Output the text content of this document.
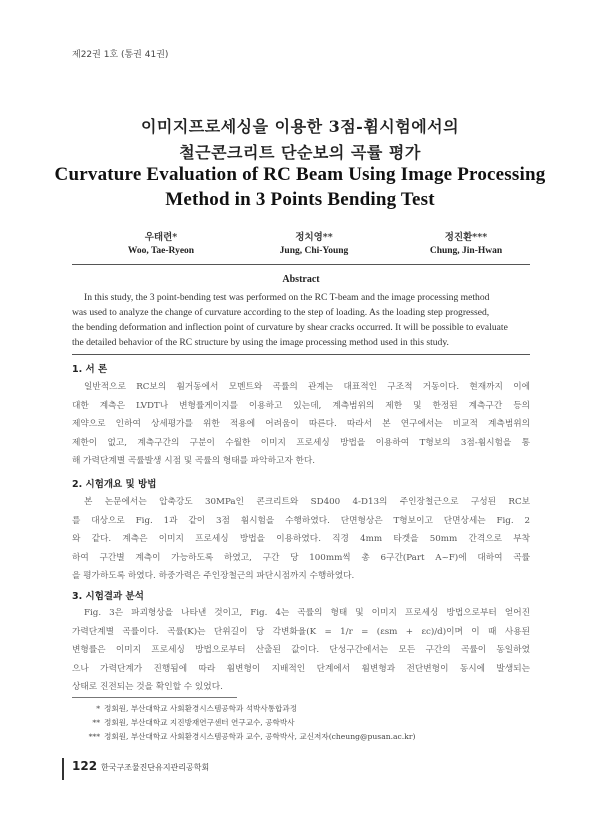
제22권 1호 (통권 41권)
이미지프로세싱을 이용한 3점-휨시험에서의
철근콘크리트 단순보의 곡률 평가
Curvature Evaluation of RC Beam Using Image Processing
Method in 3 Points Bending Test
우태련*
Woo, Tae-Ryeon
정치영**
Jung, Chi-Young
정진환***
Chung, Jin-Hwan
Abstract
In this study, the 3 point-bending test was performed on the RC T-beam and the image processing method
was used to analyze the change of curvature according to the step of loading. As the loading step progressed,
the bending deformation and inflection point of curvature by shear cracks occurred. It will be possible to evaluate
the detailed behavior of the RC structure by using the image processing method used in this study.
1. 서 론
일반적으로 RC보의 휨거동에서 모멘트와 곡률의 관계는 대표적인 구조적 거동이다. 현재까지 이에
대한 계측은 LVDT나 변형률게이지를 이용하고 있는데, 계측범위의 제한 및 한정된 계측구간 등의
제약으로 인하여 상세평가를 위한 적용에 어려움이 따른다. 따라서 본 연구에서는 비교적 계측범위의
제한이 없고, 계측구간의 구분이 수월한 이미지 프로세싱 방법을 이용하여 T형보의 3점-휨시험을 통
해 가력단계별 곡률발생 시점 및 곡률의 형태를 파악하고자 한다.
2. 시험개요 및 방법
본 논문에서는 압축강도 30MPa인 콘크리트와 SD400 4-D13의 주인장철근으로 구성된 RC보
를 대상으로 Fig. 1과 같이 3점 휨시험을 수행하였다. 단면형상은 T형보이고 단면상세는 Fig. 2
와 같다. 계측은 이미지 프로세싱 방법을 이용하였다. 직경 4mm 타겟을 50mm 간격으로 부착
하여 구간별 계측이 가능하도록 하였고, 구간 당 100mm씩 총 6구간(Part A~F)에 대하여 곡률
을 평가하도록 하였다. 하중가력은 주인장철근의 파단시점까지 수행하였다.
3. 시험결과 분석
Fig. 3은 파괴형상을 나타낸 것이고, Fig. 4는 곡률의 형태 및 이미지 프로세싱 방법으로부터 얻어진
가력단계별 곡률이다. 곡률(K)는 단위길이 당 각변화율(K = 1/r = (εsm + εc)/d)이며 이 때 사용된
변형률은 이미지 프로세싱 방법으로부터 산출된 값이다. 단성구간에서는 모든 구간의 곡률이 동일하였
으나 가력단계가 진행됨에 따라 휨변형이 지배적인 단계에서 휨변형과 전단변형이 동시에 발생되는
상태로 진전되는 것을 확인할 수 있었다.
* 정회원, 부산대학교 사회환경시스템공학과 석박사통합과정
** 정회원, 부산대학교 지진방재연구센터 연구교수, 공학박사
*** 정회원, 부산대학교 사회환경시스템공학과 교수, 공학박사, 교신저자(cheung@pusan.ac.kr)
122 한국구조물진단유지관리공학회
